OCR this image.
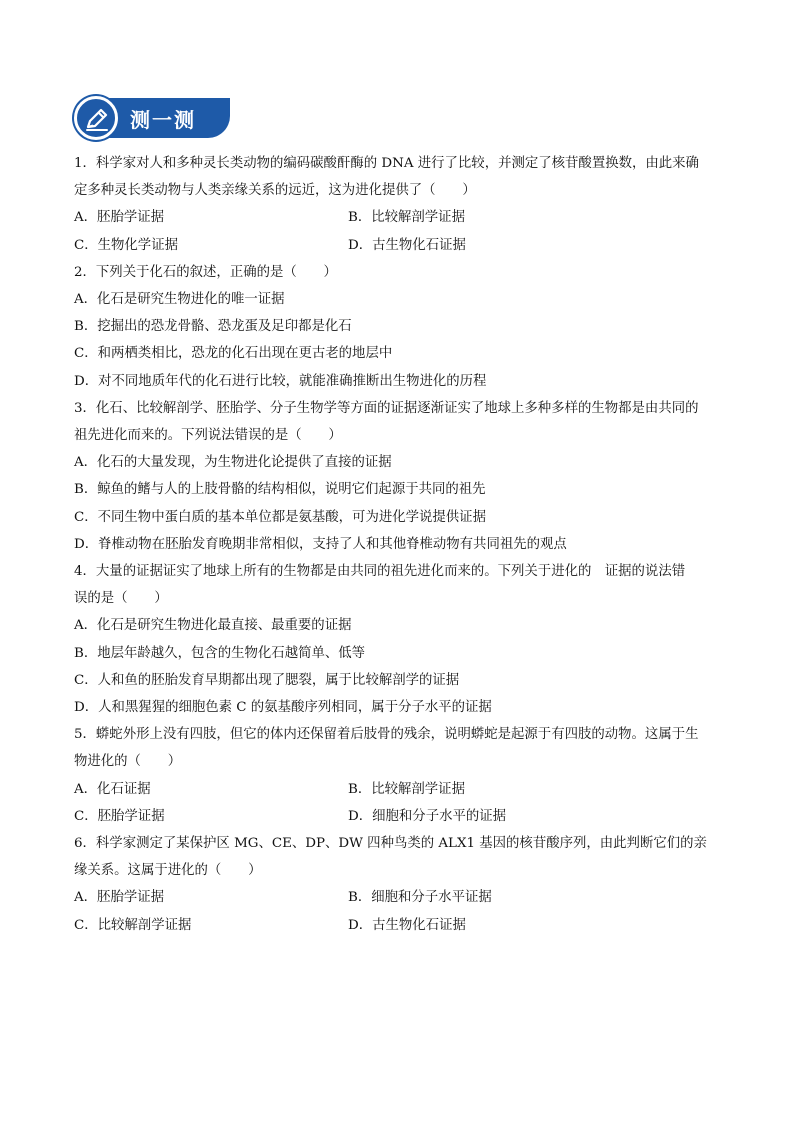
测一测
1．科学家对人和多种灵长类动物的编码碳酸酐酶的 DNA 进行了比较，并测定了核苷酸置换数，由此来确
定多种灵长类动物与人类亲缘关系的远近，这为进化提供了（　　）
A．胚胎学证据	B．比较解剖学证据
C．生物化学证据	D．古生物化石证据
2．下列关于化石的叙述，正确的是（　　）
A．化石是研究生物进化的唯一证据
B．挖掘出的恐龙骨骼、恐龙蛋及足印都是化石
C．和两栖类相比，恐龙的化石出现在更古老的地层中
D．对不同地质年代的化石进行比较，就能准确推断出生物进化的历程
3．化石、比较解剖学、胚胎学、分子生物学等方面的证据逐渐证实了地球上多种多样的生物都是由共同的
祖先进化而来的。下列说法错误的是（　　）
A．化石的大量发现，为生物进化论提供了直接的证据
B．鲸鱼的鳍与人的上肢骨骼的结构相似，说明它们起源于共同的祖先
C．不同生物中蛋白质的基本单位都是氨基酸，可为进化学说提供证据
D．脊椎动物在胚胎发育晚期非常相似，支持了人和其他脊椎动物有共同祖先的观点
4．大量的证据证实了地球上所有的生物都是由共同的祖先进化而来的。下列关于进化的　证据的说法错
误的是（　　）
A．化石是研究生物进化最直接、最重要的证据
B．地层年龄越久，包含的生物化石越简单、低等
C．人和鱼的胚胎发育早期都出现了腮裂，属于比较解剖学的证据
D．人和黑猩猩的细胞色素 C 的氨基酸序列相同，属于分子水平的证据
5．蟒蛇外形上没有四肢，但它的体内还保留着后肢骨的残余，说明蟒蛇是起源于有四肢的动物。这属于生
物进化的（　　）
A．化石证据	B．比较解剖学证据
C．胚胎学证据	D．细胞和分子水平的证据
6．科学家测定了某保护区 MG、CE、DP、DW 四种鸟类的 ALX1 基因的核苷酸序列，由此判断它们的亲
缘关系。这属于进化的（　　）
A．胚胎学证据	B．细胞和分子水平证据
C．比较解剖学证据	D．古生物化石证据
